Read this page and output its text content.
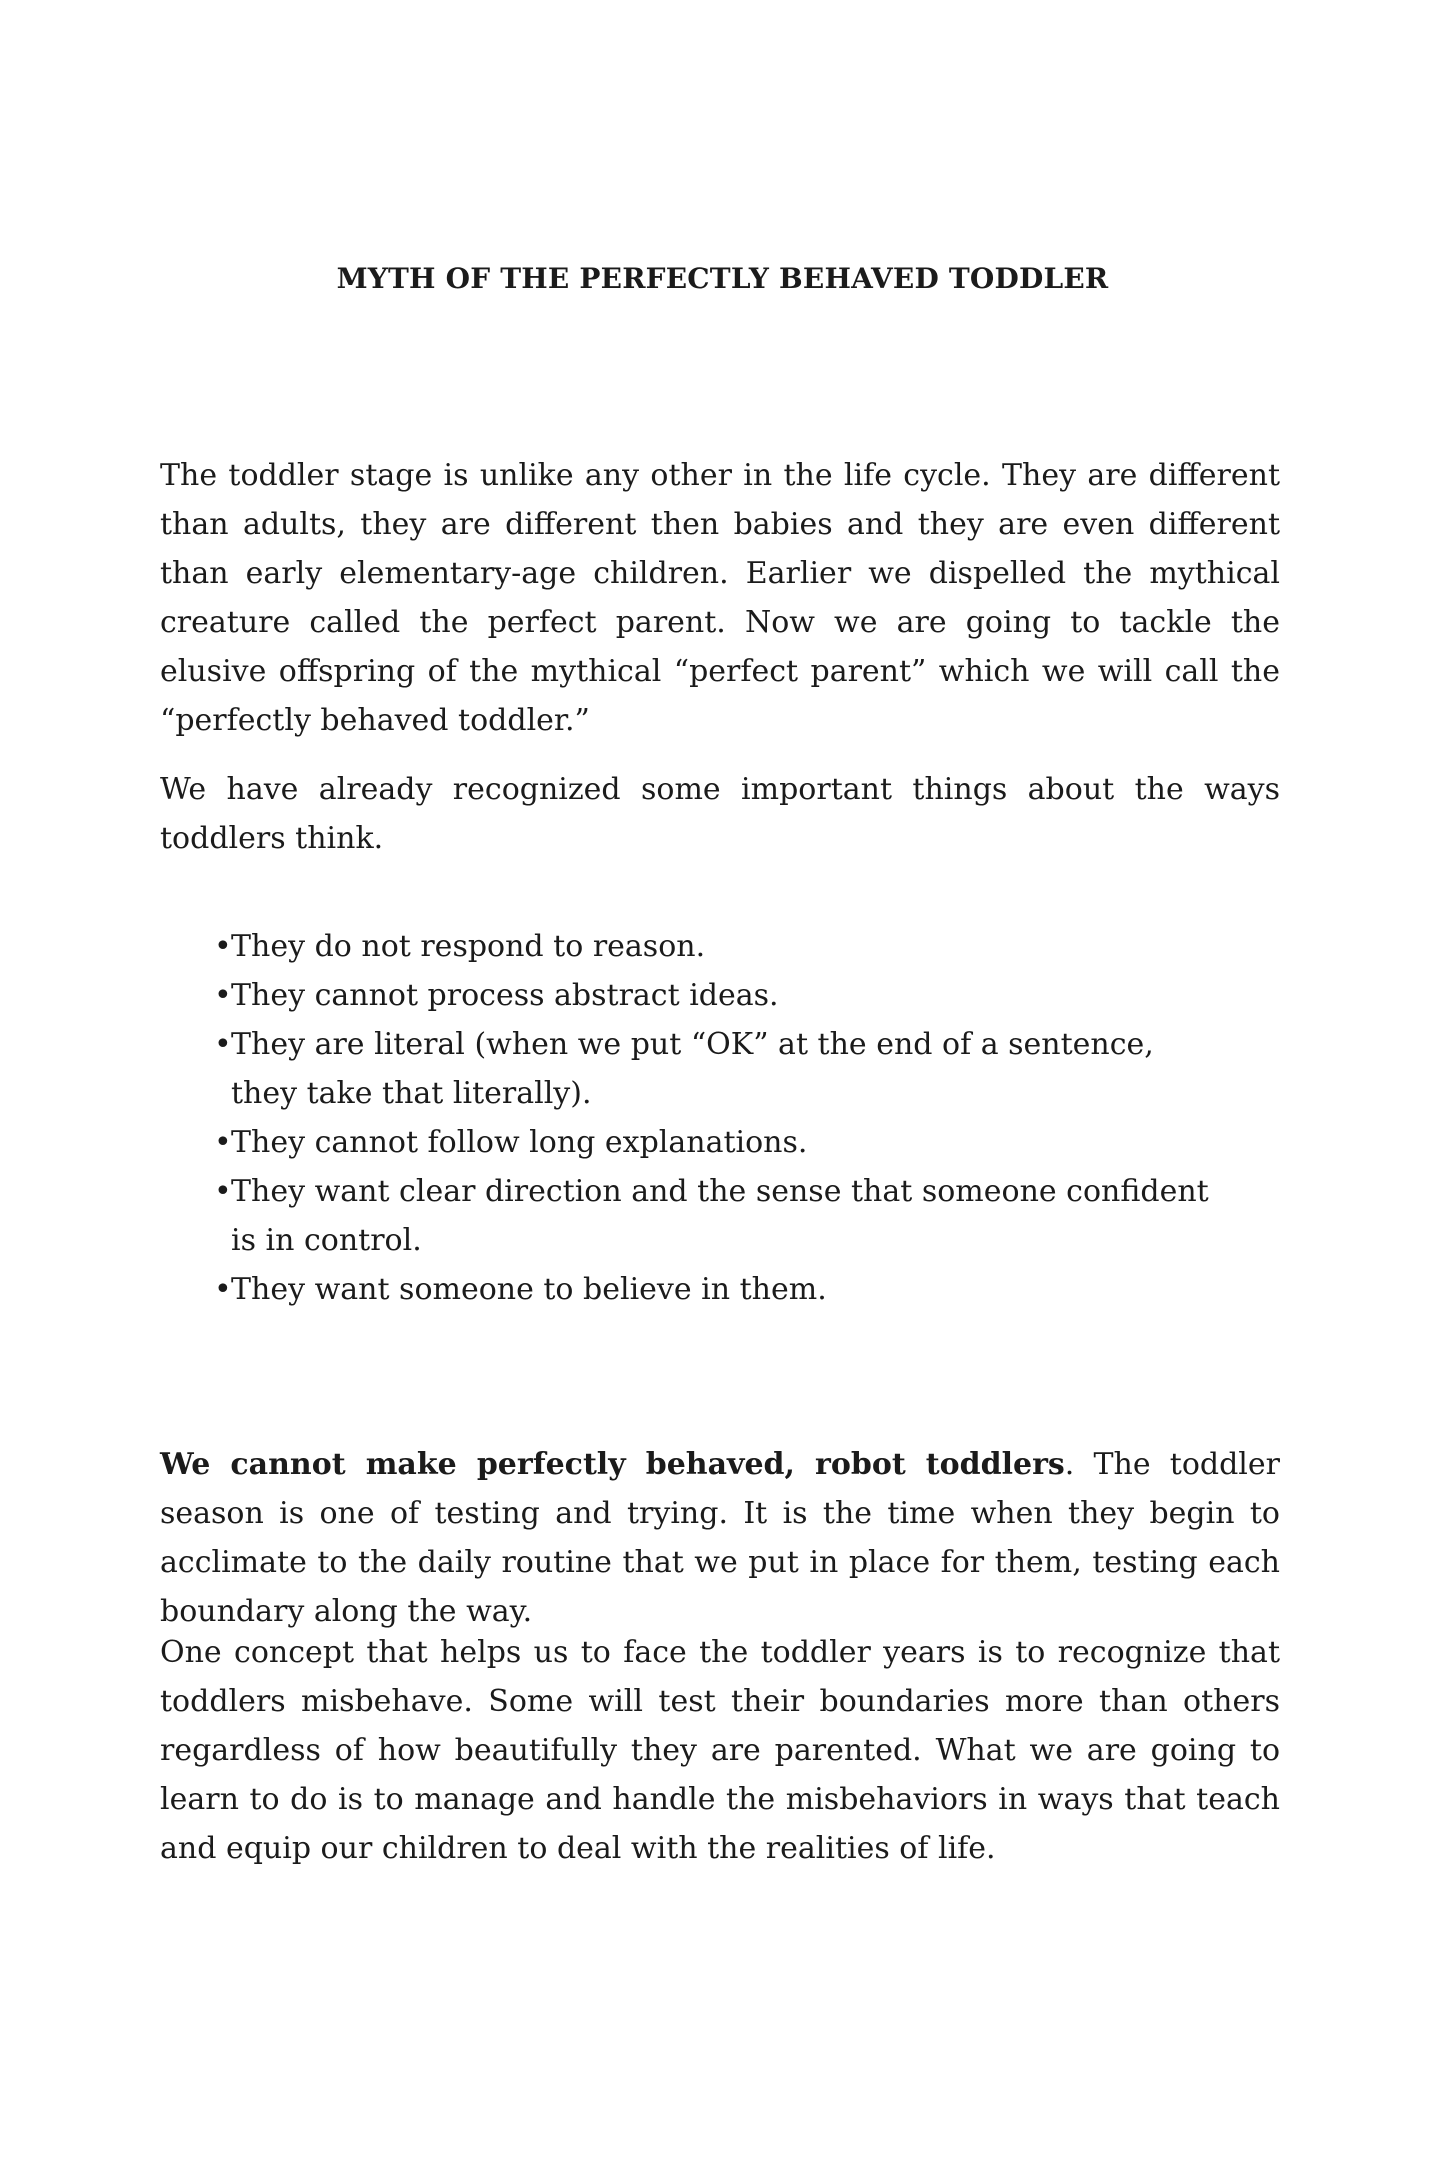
MYTH OF THE PERFECTLY BEHAVED TODDLER

The toddler stage is unlike any other in the life cycle. They are different than adults, they are different then babies and they are even different than early elementary-age children. Earlier we dispelled the mythical creature called the perfect parent. Now we are going to tackle the elusive offspring of the mythical “perfect parent” which we will call the “perfectly behaved toddler.”

We have already recognized some important things about the ways toddlers think.

• They do not respond to reason.
• They cannot process abstract ideas.
• They are literal (when we put “OK” at the end of a sentence, they take that literally).
• They cannot follow long explanations.
• They want clear direction and the sense that someone confident is in control.
• They want someone to believe in them.

We cannot make perfectly behaved, robot toddlers. The toddler season is one of testing and trying. It is the time when they begin to acclimate to the daily routine that we put in place for them, testing each boundary along the way.

One concept that helps us to face the toddler years is to recognize that toddlers misbehave. Some will test their boundaries more than others regardless of how beautifully they are parented. What we are going to learn to do is to manage and handle the misbehaviors in ways that teach and equip our children to deal with the realities of life.
